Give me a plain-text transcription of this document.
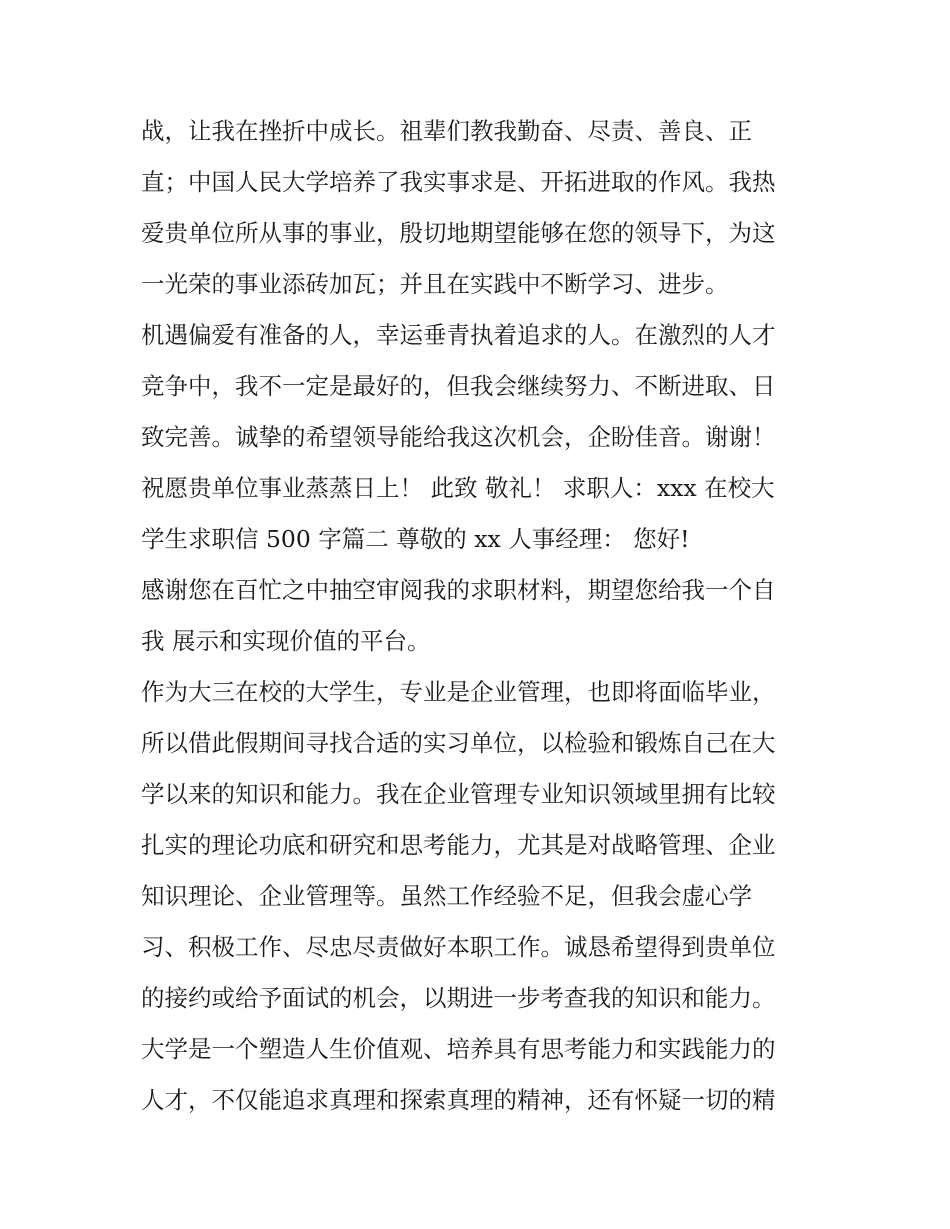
战，让我在挫折中成长。祖辈们教我勤奋、尽责、善良、正
直；中国人民大学培养了我实事求是、开拓进取的作风。我热
爱贵单位所从事的事业，殷切地期望能够在您的领导下，为这
一光荣的事业添砖加瓦；并且在实践中不断学习、进步。
机遇偏爱有准备的人，幸运垂青执着追求的人。在激烈的人才
竞争中，我不一定是最好的，但我会继续努力、不断进取、日
致完善。诚挚的希望领导能给我这次机会，企盼佳音。谢谢！
祝愿贵单位事业蒸蒸日上！ 此致 敬礼！ 求职人：xxx 在校大
学生求职信 500 字篇二 尊敬的 xx 人事经理： 您好!
感谢您在百忙之中抽空审阅我的求职材料，期望您给我一个自
我 展示和实现价值的平台。
作为大三在校的大学生，专业是企业管理，也即将面临毕业，
所以借此假期间寻找合适的实习单位，以检验和锻炼自己在大
学以来的知识和能力。我在企业管理专业知识领域里拥有比较
扎实的理论功底和研究和思考能力，尤其是对战略管理、企业
知识理论、企业管理等。虽然工作经验不足，但我会虚心学
习、积极工作、尽忠尽责做好本职工作。诚恳希望得到贵单位
的接约或给予面试的机会，以期进一步考查我的知识和能力。
大学是一个塑造人生价值观、培养具有思考能力和实践能力的
人才，不仅能追求真理和探索真理的精神，还有怀疑一切的精
